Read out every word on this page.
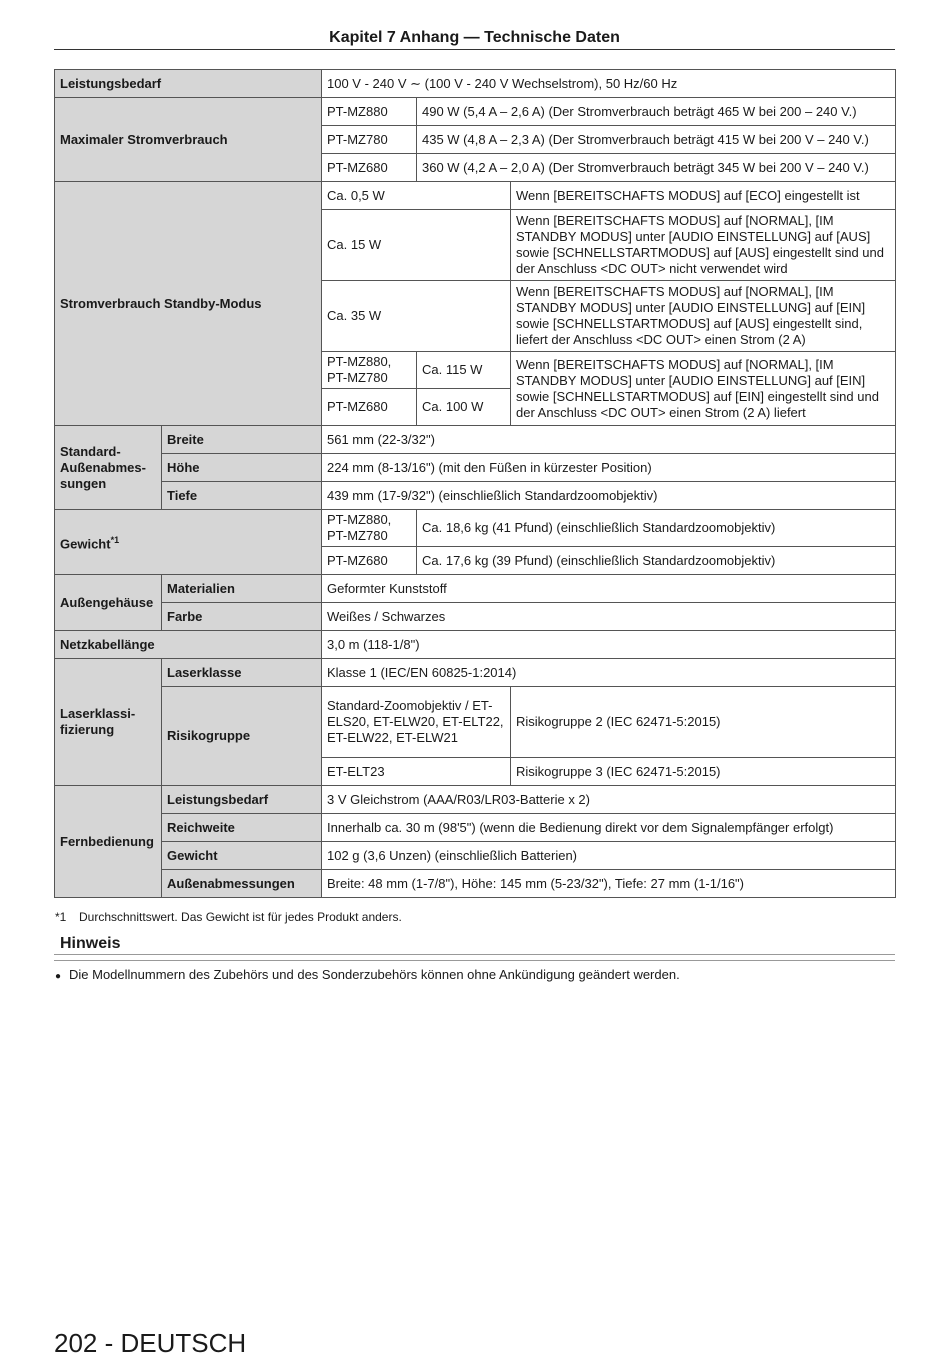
Kapitel 7 Anhang — Technische Daten
Leistungsbedarf		100 V - 240 V ∼ (100 V - 240 V Wechselstrom), 50 Hz/60 Hz		
Maximaler Stromverbrauch		PT-MZ880	490 W (5,4 A – 2,6 A) (Der Stromverbrauch beträgt 465 W bei 200 – 240 V.)	
		PT-MZ780	435 W (4,8 A – 2,3 A) (Der Stromverbrauch beträgt 415 W bei 200 V – 240 V.)	
		PT-MZ680	360 W (4,2 A – 2,0 A) (Der Stromverbrauch beträgt 345 W bei 200 V – 240 V.)	
Stromverbrauch Standby-Modus		Ca. 0,5 W		Wenn [BEREITSCHAFTS MODUS] auf [ECO] eingestellt ist
		Ca. 15 W		Wenn [BEREITSCHAFTS MODUS] auf [NORMAL], [IM STANDBY MODUS] unter [AUDIO EINSTELLUNG] auf [AUS] sowie [SCHNELLSTARTMODUS] auf [AUS] eingestellt sind und der Anschluss <DC OUT> nicht verwendet wird
		Ca. 35 W		Wenn [BEREITSCHAFTS MODUS] auf [NORMAL], [IM STANDBY MODUS] unter [AUDIO EINSTELLUNG] auf [EIN] sowie [SCHNELLSTARTMODUS] auf [AUS] eingestellt sind, liefert der Anschluss <DC OUT> einen Strom (2 A)
		PT-MZ880, PT-MZ780	Ca. 115 W	Wenn [BEREITSCHAFTS MODUS] auf [NORMAL], [IM STANDBY MODUS] unter [AUDIO EINSTELLUNG] auf [EIN] sowie [SCHNELLSTARTMODUS] auf [EIN] eingestellt sind und der Anschluss <DC OUT> einen Strom (2 A) liefert
		PT-MZ680	Ca. 100 W	
Standard-Außenabmes-sungen	Breite	561 mm (22-3/32")		
	Höhe	224 mm (8-13/16") (mit den Füßen in kürzester Position)		
	Tiefe	439 mm (17-9/32") (einschließlich Standardzoomobjektiv)		
Gewicht$^{*1}$		PT-MZ880, PT-MZ780	Ca. 18,6 kg (41 Pfund) (einschließlich Standardzoomobjektiv)	
		PT-MZ680	Ca. 17,6 kg (39 Pfund) (einschließlich Standardzoomobjektiv)	
Außengehäuse	Materialien	Geformter Kunststoff		
	Farbe	Weißes / Schwarzes		
Netzkabellänge		3,0 m (118-1/8")		
Laserklassi-fizierung	Laserklasse	Klasse 1 (IEC/EN 60825-1:2014)		
	Risikogruppe	Standard-Zoomobjektiv / ET-ELS20, ET-ELW20, ET-ELT22, ET-ELW22, ET-ELW21		Risikogruppe 2 (IEC 62471-5:2015)
		ET-ELT23		Risikogruppe 3 (IEC 62471-5:2015)
Fernbedienung	Leistungsbedarf	3 V Gleichstrom (AAA/R03/LR03-Batterie x 2)		
	Reichweite	Innerhalb ca. 30 m (98'5") (wenn die Bedienung direkt vor dem Signalempfänger erfolgt)		
	Gewicht	102 g (3,6 Unzen) (einschließlich Batterien)		
	Außenabmessungen	Breite: 48 mm (1-7/8"), Höhe: 145 mm (5-23/32"), Tiefe: 27 mm (1-1/16")		
*1 Durchschnittswert. Das Gewicht ist für jedes Produkt anders.
Hinweis
● Die Modellnummern des Zubehörs und des Sonderzubehörs können ohne Ankündigung geändert werden.
202 - DEUTSCH
